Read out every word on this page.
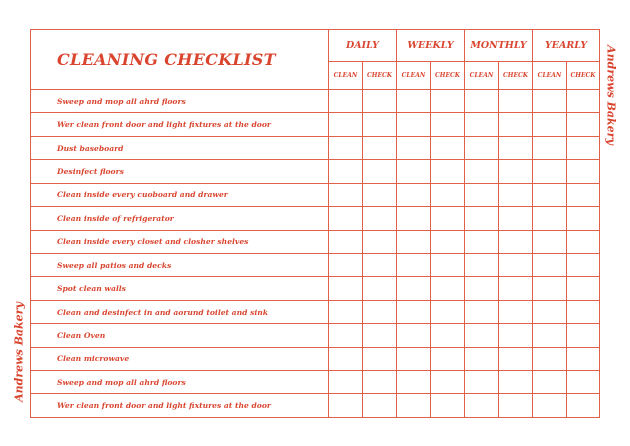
Andrews Bakery
Andrews Bakery
CLEANING CHECKLIST	DAILY		WEEKLY		MONTHLY		YEARLY	
	CLEAN	CHECK	CLEAN	CHECK	CLEAN	CHECK	CLEAN	CHECK
Sweep and mop all ahrd floors								
Wer clean front door and light fixtures at the door								
Dust baseboard								
Desinfect floors								
Clean inside every cuoboard and drawer								
Clean inside of refrigerator								
Clean inside every closet and closher shelves								
Sweep all patios and decks								
Spot clean walls								
Clean and desinfect in and aorund toilet and sink								
Clean Oven								
Clean microwave								
Sweep and mop all ahrd floors								
Wer clean front door and light fixtures at the door								
